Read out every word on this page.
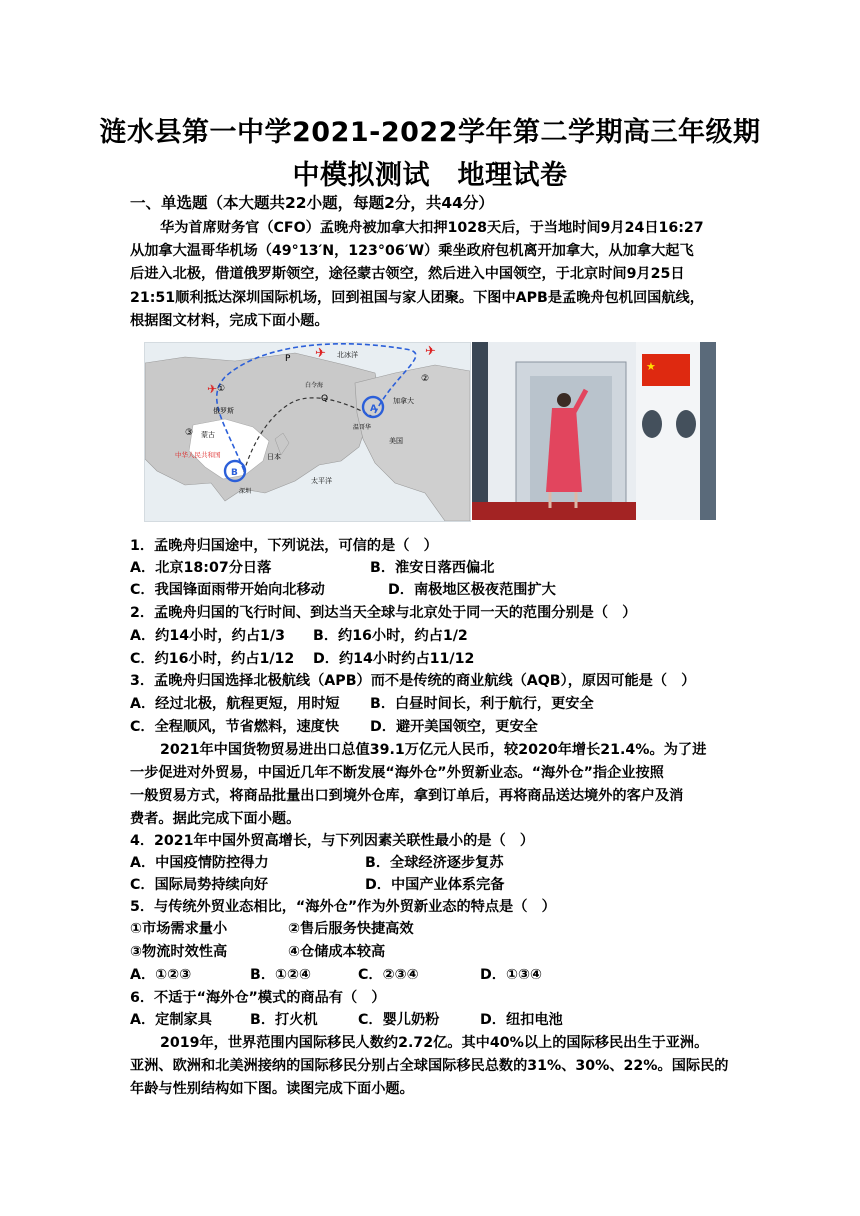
涟水县第一中学2021-2022学年第二学期高三年级期
中模拟测试　地理试卷
一、单选题（本大题共22小题，每题2分，共44分）
华为首席财务官（CFO）孟晚舟被加拿大扣押1028天后，于当地时间9月24日16:27
从加拿大温哥华机场（49°13′N，123°06′W）乘坐政府包机离开加拿大，从加拿大起飞
后进入北极，借道俄罗斯领空，途径蒙古领空，然后进入中国领空，于北京时间9月25日
21:51顺利抵达深圳国际机场，回到祖国与家人团聚。下图中APB是孟晚舟包机回国航线，
根据图文材料，完成下面小题。
✈	✈
✈
P	北冰洋
Q
白令海
俄罗斯
蒙古
中华人民共和国	日本
太平洋
加拿大
美国
温哥华
深圳
①
②
③
A
B
★
1．孟晚舟归国途中，下列说法，可信的是（　）
A．北京18:07分日落	B．淮安日落西偏北
C．我国锋面雨带开始向北移动	D．南极地区极夜范围扩大
2．孟晚舟归国的飞行时间、到达当天全球与北京处于同一天的范围分别是（　）
A．约14小时，约占1/3 B．约16小时，约占1/2
C．约16小时，约占1/12 D．约14小时约占11/12
3．孟晚舟归国选择北极航线（APB）而不是传统的商业航线（AQB），原因可能是（　）
A．经过北极，航程更短，用时短 B．白昼时间长，利于航行，更安全
C．全程顺风，节省燃料，速度快 D．避开美国领空，更安全
2021年中国货物贸易进出口总值39.1万亿元人民币，较2020年增长21.4%。为了进
一步促进对外贸易，中国近几年不断发展“海外仓”外贸新业态。“海外仓”指企业按照
一般贸易方式，将商品批量出口到境外仓库，拿到订单后，再将商品送达境外的客户及消
费者。据此完成下面小题。
4．2021年中国外贸高增长，与下列因素关联性最小的是（　）
A．中国疫情防控得力	B．全球经济逐步复苏
C．国际局势持续向好	D．中国产业体系完备
5．与传统外贸业态相比，“海外仓”作为外贸新业态的特点是（　）
①市场需求量小	②售后服务快捷高效
③物流时效性高	④仓储成本较高
A．①②③	B．①②④	C．②③④	D．①③④
6．不适于“海外仓”模式的商品有（　）
A．定制家具	B．打火机	C．婴儿奶粉	D．纽扣电池
2019年，世界范围内国际移民人数约2.72亿。其中40%以上的国际移民出生于亚洲。
亚洲、欧洲和北美洲接纳的国际移民分别占全球国际移民总数的31%、30%、22%。国际民的
年龄与性别结构如下图。读图完成下面小题。
